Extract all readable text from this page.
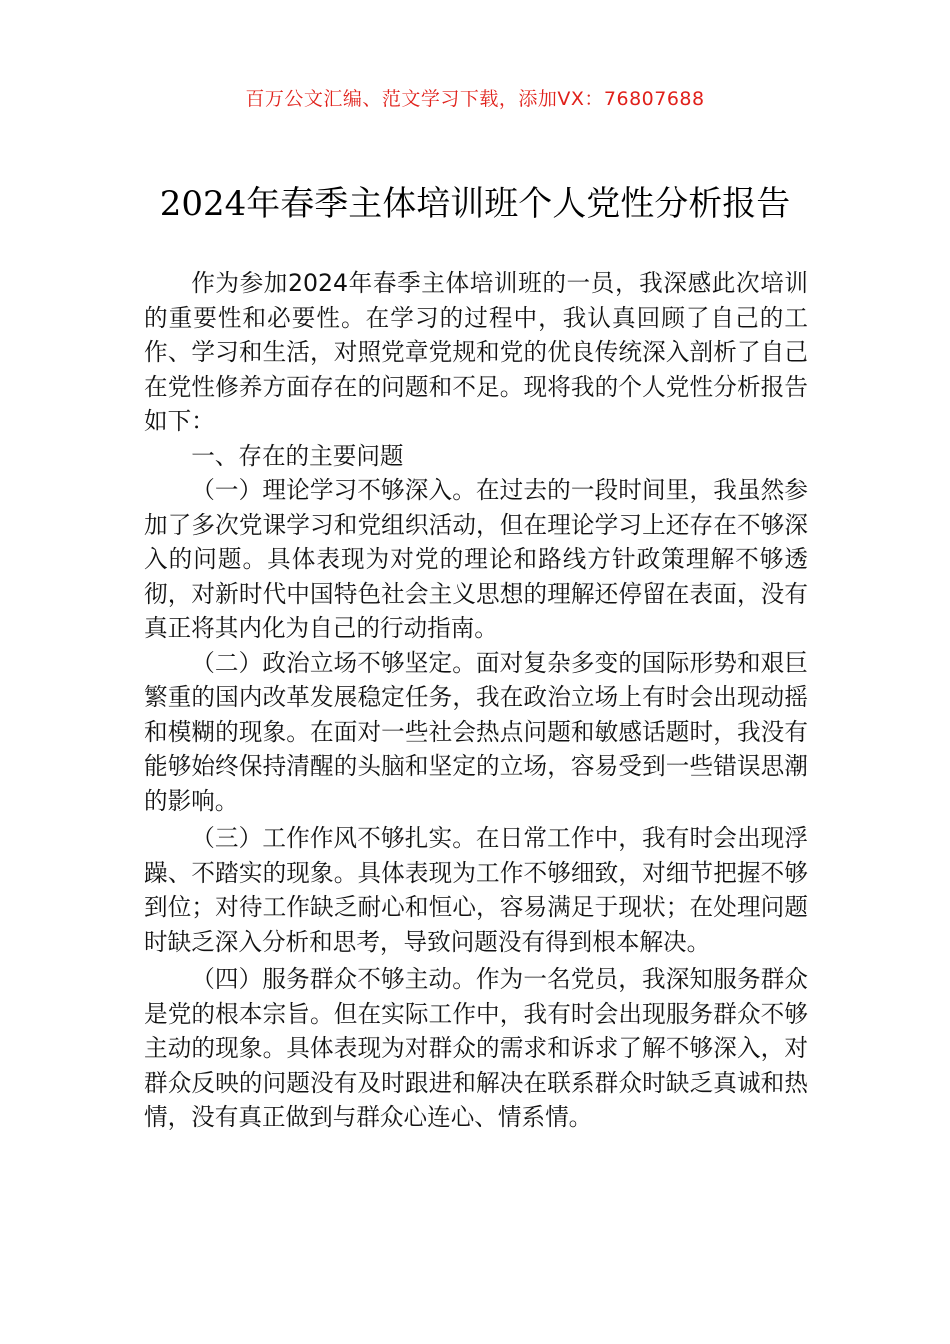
百万公文汇编、范文学习下载，添加VX：76807688
2024年春季主体培训班个人党性分析报告

作为参加2024年春季主体培训班的一员，我深感此次培训的重要性和必要性。在学习的过程中，我认真回顾了自己的工作、学习和生活，对照党章党规和党的优良传统深入剖析了自己在党性修养方面存在的问题和不足。现将我的个人党性分析报告如下：

一、存在的主要问题

（一）理论学习不够深入。在过去的一段时间里，我虽然参加了多次党课学习和党组织活动，但在理论学习上还存在不够深入的问题。具体表现为对党的理论和路线方针政策理解不够透彻，对新时代中国特色社会主义思想的理解还停留在表面，没有真正将其内化为自己的行动指南。

（二）政治立场不够坚定。面对复杂多变的国际形势和艰巨繁重的国内改革发展稳定任务，我在政治立场上有时会出现动摇和模糊的现象。在面对一些社会热点问题和敏感话题时，我没有能够始终保持清醒的头脑和坚定的立场，容易受到一些错误思潮的影响。

（三）工作作风不够扎实。在日常工作中，我有时会出现浮躁、不踏实的现象。具体表现为工作不够细致，对细节把握不够到位；对待工作缺乏耐心和恒心，容易满足于现状；在处理问题时缺乏深入分析和思考，导致问题没有得到根本解决。

（四）服务群众不够主动。作为一名党员，我深知服务群众是党的根本宗旨。但在实际工作中，我有时会出现服务群众不够主动的现象。具体表现为对群众的需求和诉求了解不够深入，对群众反映的问题没有及时跟进和解决在联系群众时缺乏真诚和热情，没有真正做到与群众心连心、情系情。
